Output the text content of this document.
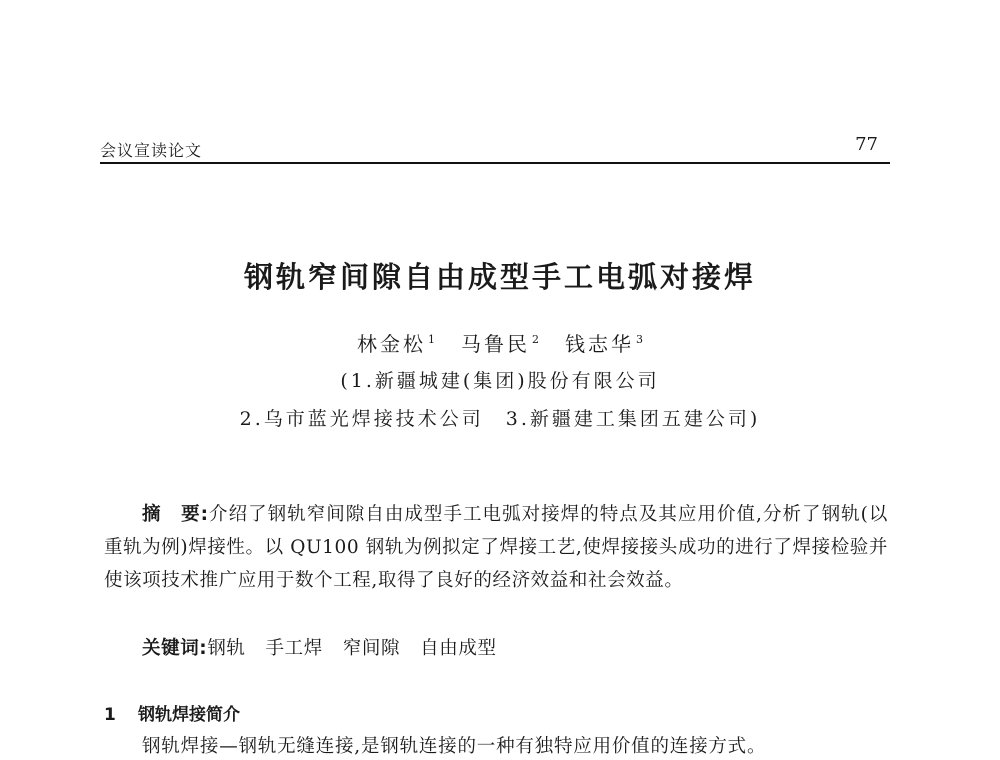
会议宣读论文	77
钢轨窄间隙自由成型手工电弧对接焊
林金松 $^1$ 马鲁民 $^2$ 钱志华 $^3$
(1.新疆城建(集团)股份有限公司
2.乌市蓝光焊接技术公司　3.新疆建工集团五建公司)
摘　要:介绍了钢轨窄间隙自由成型手工电弧对接焊的特点及其应用价值,分析了钢轨(以重轨为例)焊接性。以 QU100 钢轨为例拟定了焊接工艺,使焊接接头成功的进行了焊接检验并使该项技术推广应用于数个工程,取得了良好的经济效益和社会效益。
关键词:钢轨 手工焊 窄间隙 自由成型
1 钢轨焊接简介
钢轨焊接—钢轨无缝连接,是钢轨连接的一种有独特应用价值的连接方式。
